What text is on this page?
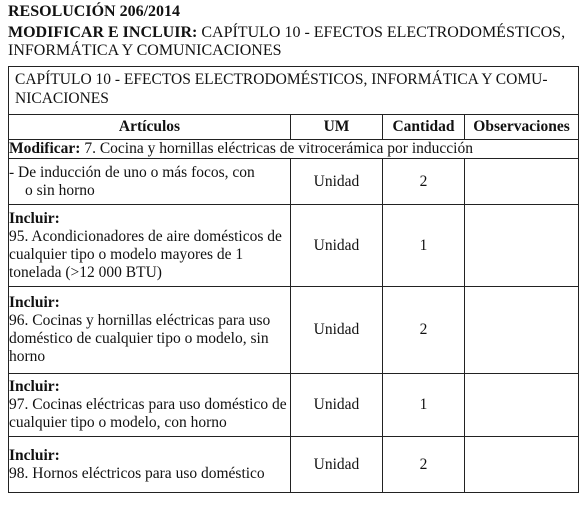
RESOLUCIÓN 206/2014
MODIFICAR E INCLUIR: CAPÍTULO 10 - EFECTOS ELECTRODOMÉSTICOS, INFORMÁTICA Y COMUNICACIONES
CAPÍTULO 10 - EFECTOS ELECTRODOMÉSTICOS, INFORMÁTICA Y COMU-
NICACIONES			

Artículos	UM	Cantidad	Observaciones
Modificar: 7. Cocina y hornillas eléctricas de vitrocerámica por inducción			

- De inducción de uno o más focos, con
o sin horno	Unidad	2	

Incluir:
95. Acondicionadores de aire domésticos de cualquier tipo o modelo mayores de 1 tonelada (>12 000 BTU)	Unidad	1	

Incluir:
96. Cocinas y hornillas eléctricas para uso doméstico de cualquier tipo o modelo, sin horno	Unidad	2	

Incluir:
97. Cocinas eléctricas para uso doméstico de cualquier tipo o modelo, con horno	Unidad	1	

Incluir:
98. Hornos eléctricos para uso doméstico	Unidad	2	
